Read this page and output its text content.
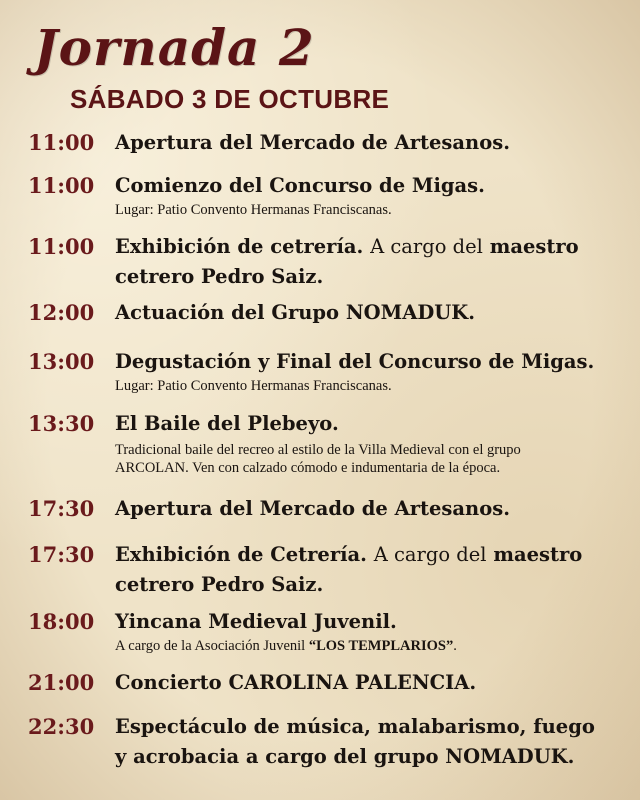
Jornada 2
SÁBADO 3 DE OCTUBRE
11:00	Apertura del Mercado de Artesanos.
11:00	Comienzo del Concurso de Migas.
Lugar: Patio Convento Hermanas Franciscanas.
11:00	Exhibición de cetrería. A cargo del maestro
cetrero Pedro Saiz.
12:00	Actuación del Grupo NOMADUK.
13:00	Degustación y Final del Concurso de Migas.
Lugar: Patio Convento Hermanas Franciscanas.
13:30	El Baile del Plebeyo.
Tradicional baile del recreo al estilo de la Villa Medieval con el grupo
ARCOLAN. Ven con calzado cómodo e indumentaria de la época.
17:30	Apertura del Mercado de Artesanos.
17:30	Exhibición de Cetrería. A cargo del maestro
cetrero Pedro Saiz.
18:00	Yincana Medieval Juvenil.
A cargo de la Asociación Juvenil “LOS TEMPLARIOS”.
21:00	Concierto CAROLINA PALENCIA.
22:30	Espectáculo de música, malabarismo, fuego
y acrobacia a cargo del grupo NOMADUK.
